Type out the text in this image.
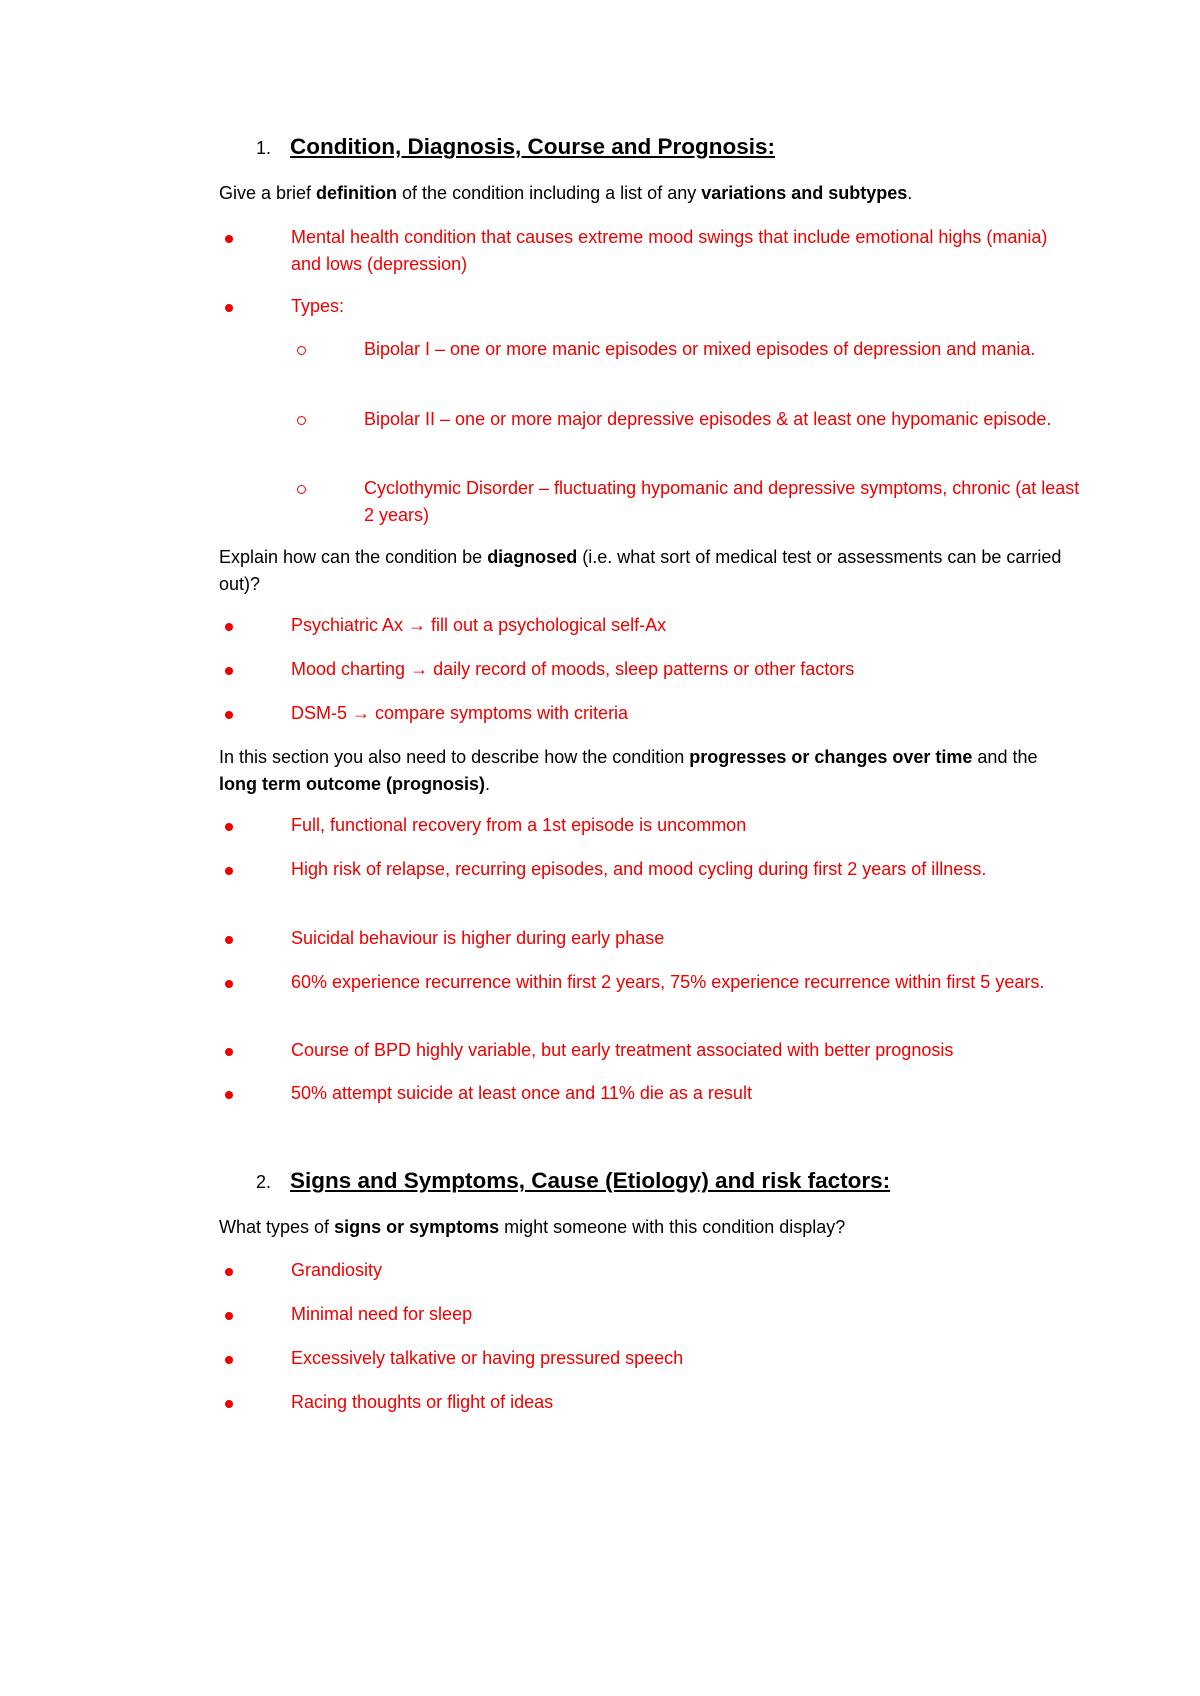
1. Condition, Diagnosis, Course and Prognosis:
Give a brief definition of the condition including a list of any variations and subtypes.
Mental health condition that causes extreme mood swings that include emotional highs (mania) and lows (depression)
Types:
Bipolar I – one or more manic episodes or mixed episodes of depression and mania.
Bipolar II – one or more major depressive episodes & at least one hypomanic episode.
Cyclothymic Disorder – fluctuating hypomanic and depressive symptoms, chronic (at least 2 years)
Explain how can the condition be diagnosed (i.e. what sort of medical test or assessments can be carried out)?
Psychiatric Ax → fill out a psychological self-Ax
Mood charting → daily record of moods, sleep patterns or other factors
DSM-5 → compare symptoms with criteria
In this section you also need to describe how the condition progresses or changes over time and the long term outcome (prognosis).
Full, functional recovery from a 1st episode is uncommon
High risk of relapse, recurring episodes, and mood cycling during first 2 years of illness.
Suicidal behaviour is higher during early phase
60% experience recurrence within first 2 years, 75% experience recurrence within first 5 years.
Course of BPD highly variable, but early treatment associated with better prognosis
50% attempt suicide at least once and 11% die as a result
2. Signs and Symptoms, Cause (Etiology) and risk factors:
What types of signs or symptoms might someone with this condition display?
Grandiosity
Minimal need for sleep
Excessively talkative or having pressured speech
Racing thoughts or flight of ideas
